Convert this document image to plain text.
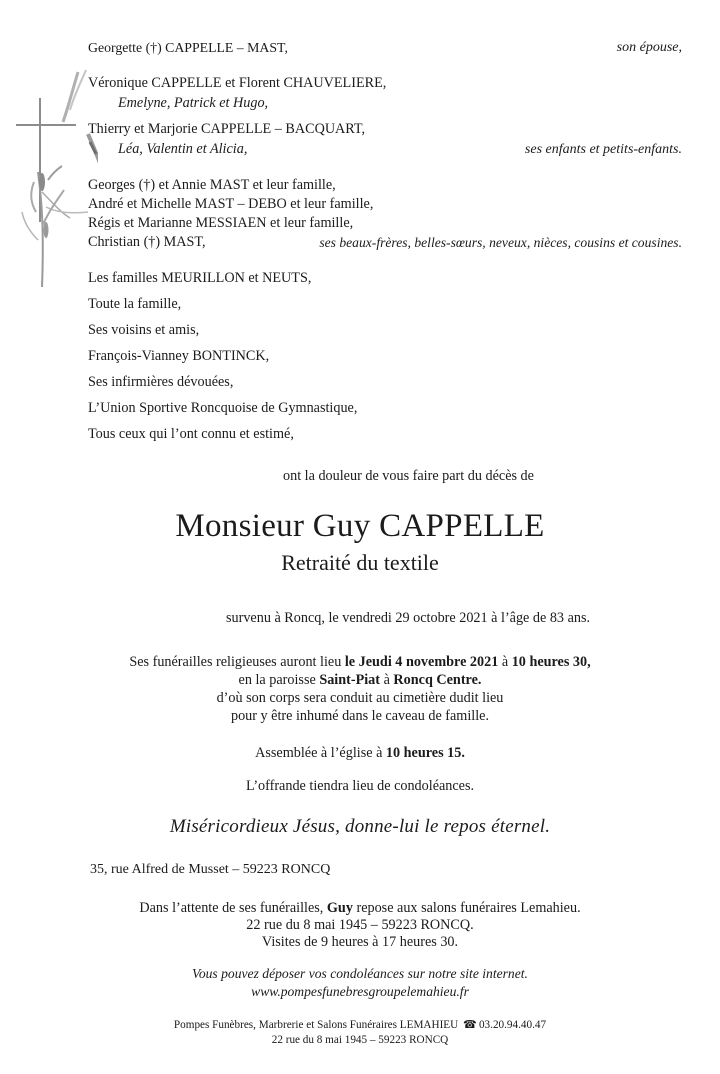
Georgette (†) CAPPELLE – MAST,	son épouse,
Véronique CAPPELLE et Florent CHAUVELIERE,
Emelyne, Patrick et Hugo,
Thierry et Marjorie CAPPELLE – BACQUART,
Léa, Valentin et Alicia,	ses enfants et petits-enfants.
Georges (†) et Annie MAST et leur famille,
André et Michelle MAST – DEBO et leur famille,
Régis et Marianne MESSIAEN et leur famille,
Christian (†) MAST,	ses beaux-frères, belles-sœurs, neveux, nièces, cousins et cousines.
Les familles MEURILLON et NEUTS,
Toute la famille,
Ses voisins et amis,
François-Vianney BONTINCK,
Ses infirmières dévouées,
L’Union Sportive Roncquoise de Gymnastique,
Tous ceux qui l’ont connu et estimé,
ont la douleur de vous faire part du décès de
Monsieur Guy CAPPELLE
Retraité du textile
survenu à Roncq, le vendredi 29 octobre 2021 à l’âge de 83 ans.
Ses funérailles religieuses auront lieu le Jeudi 4 novembre 2021 à 10 heures 30,
en la paroisse Saint-Piat à Roncq Centre.
d’où son corps sera conduit au cimetière dudit lieu
pour y être inhumé dans le caveau de famille.
Assemblée à l’église à 10 heures 15.
L’offrande tiendra lieu de condoléances.
Miséricordieux Jésus, donne-lui le repos éternel.
35, rue Alfred de Musset – 59223 RONCQ
Dans l’attente de ses funérailles, Guy repose aux salons funéraires Lemahieu.
22 rue du 8 mai 1945 – 59223 RONCQ.
Visites de 9 heures à 17 heures 30.
Vous pouvez déposer vos condoléances sur notre site internet.
www.pompesfunebresgroupelemahieu.fr
Pompes Funèbres, Marbrerie et Salons Funéraires LEMAHIEU ☎ 03.20.94.40.47
22 rue du 8 mai 1945 – 59223 RONCQ
